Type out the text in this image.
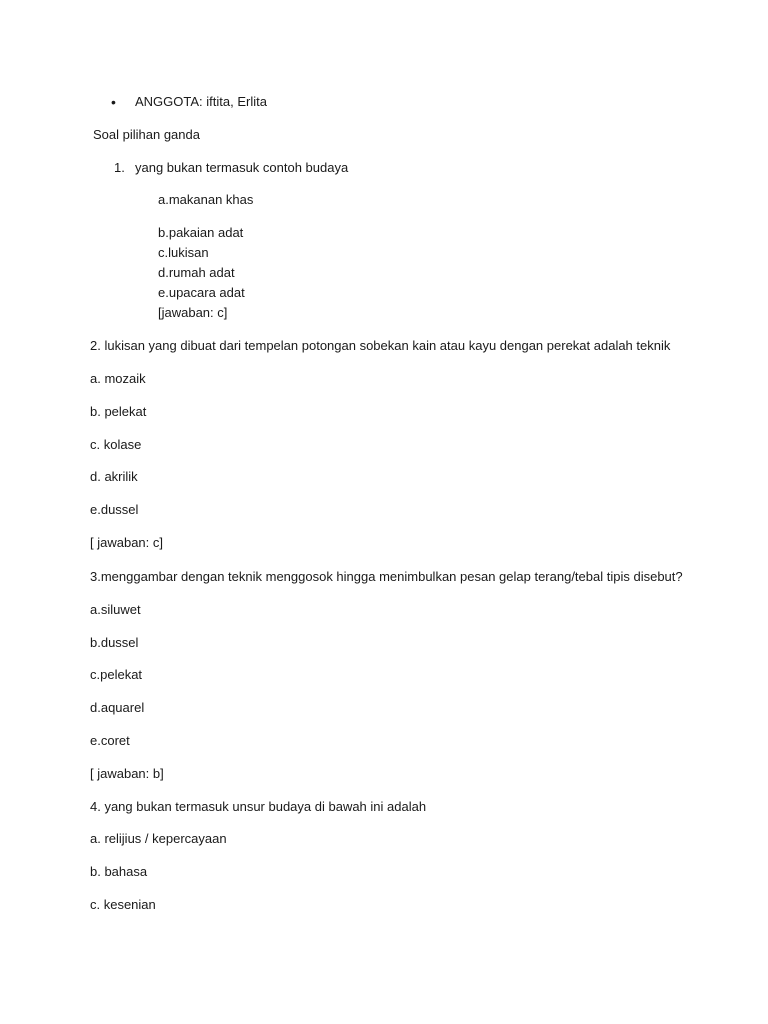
• ANGGOTA: iftita, Erlita
Soal pilihan ganda
1. yang bukan termasuk contoh budaya
a.makanan khas
b.pakaian adat
c.lukisan
d.rumah adat
e.upacara adat
[jawaban: c]
2. lukisan yang dibuat dari tempelan potongan sobekan kain atau kayu dengan perekat adalah teknik
a. mozaik
b. pelekat
c. kolase
d. akrilik
e.dussel
[ jawaban: c]
3.menggambar dengan teknik menggosok hingga menimbulkan pesan gelap terang/tebal tipis disebut?
a.siluwet
b.dussel
c.pelekat
d.aquarel
e.coret
[ jawaban: b]
4. yang bukan termasuk unsur budaya di bawah ini adalah
a. relijius / kepercayaan
b. bahasa
c. kesenian
